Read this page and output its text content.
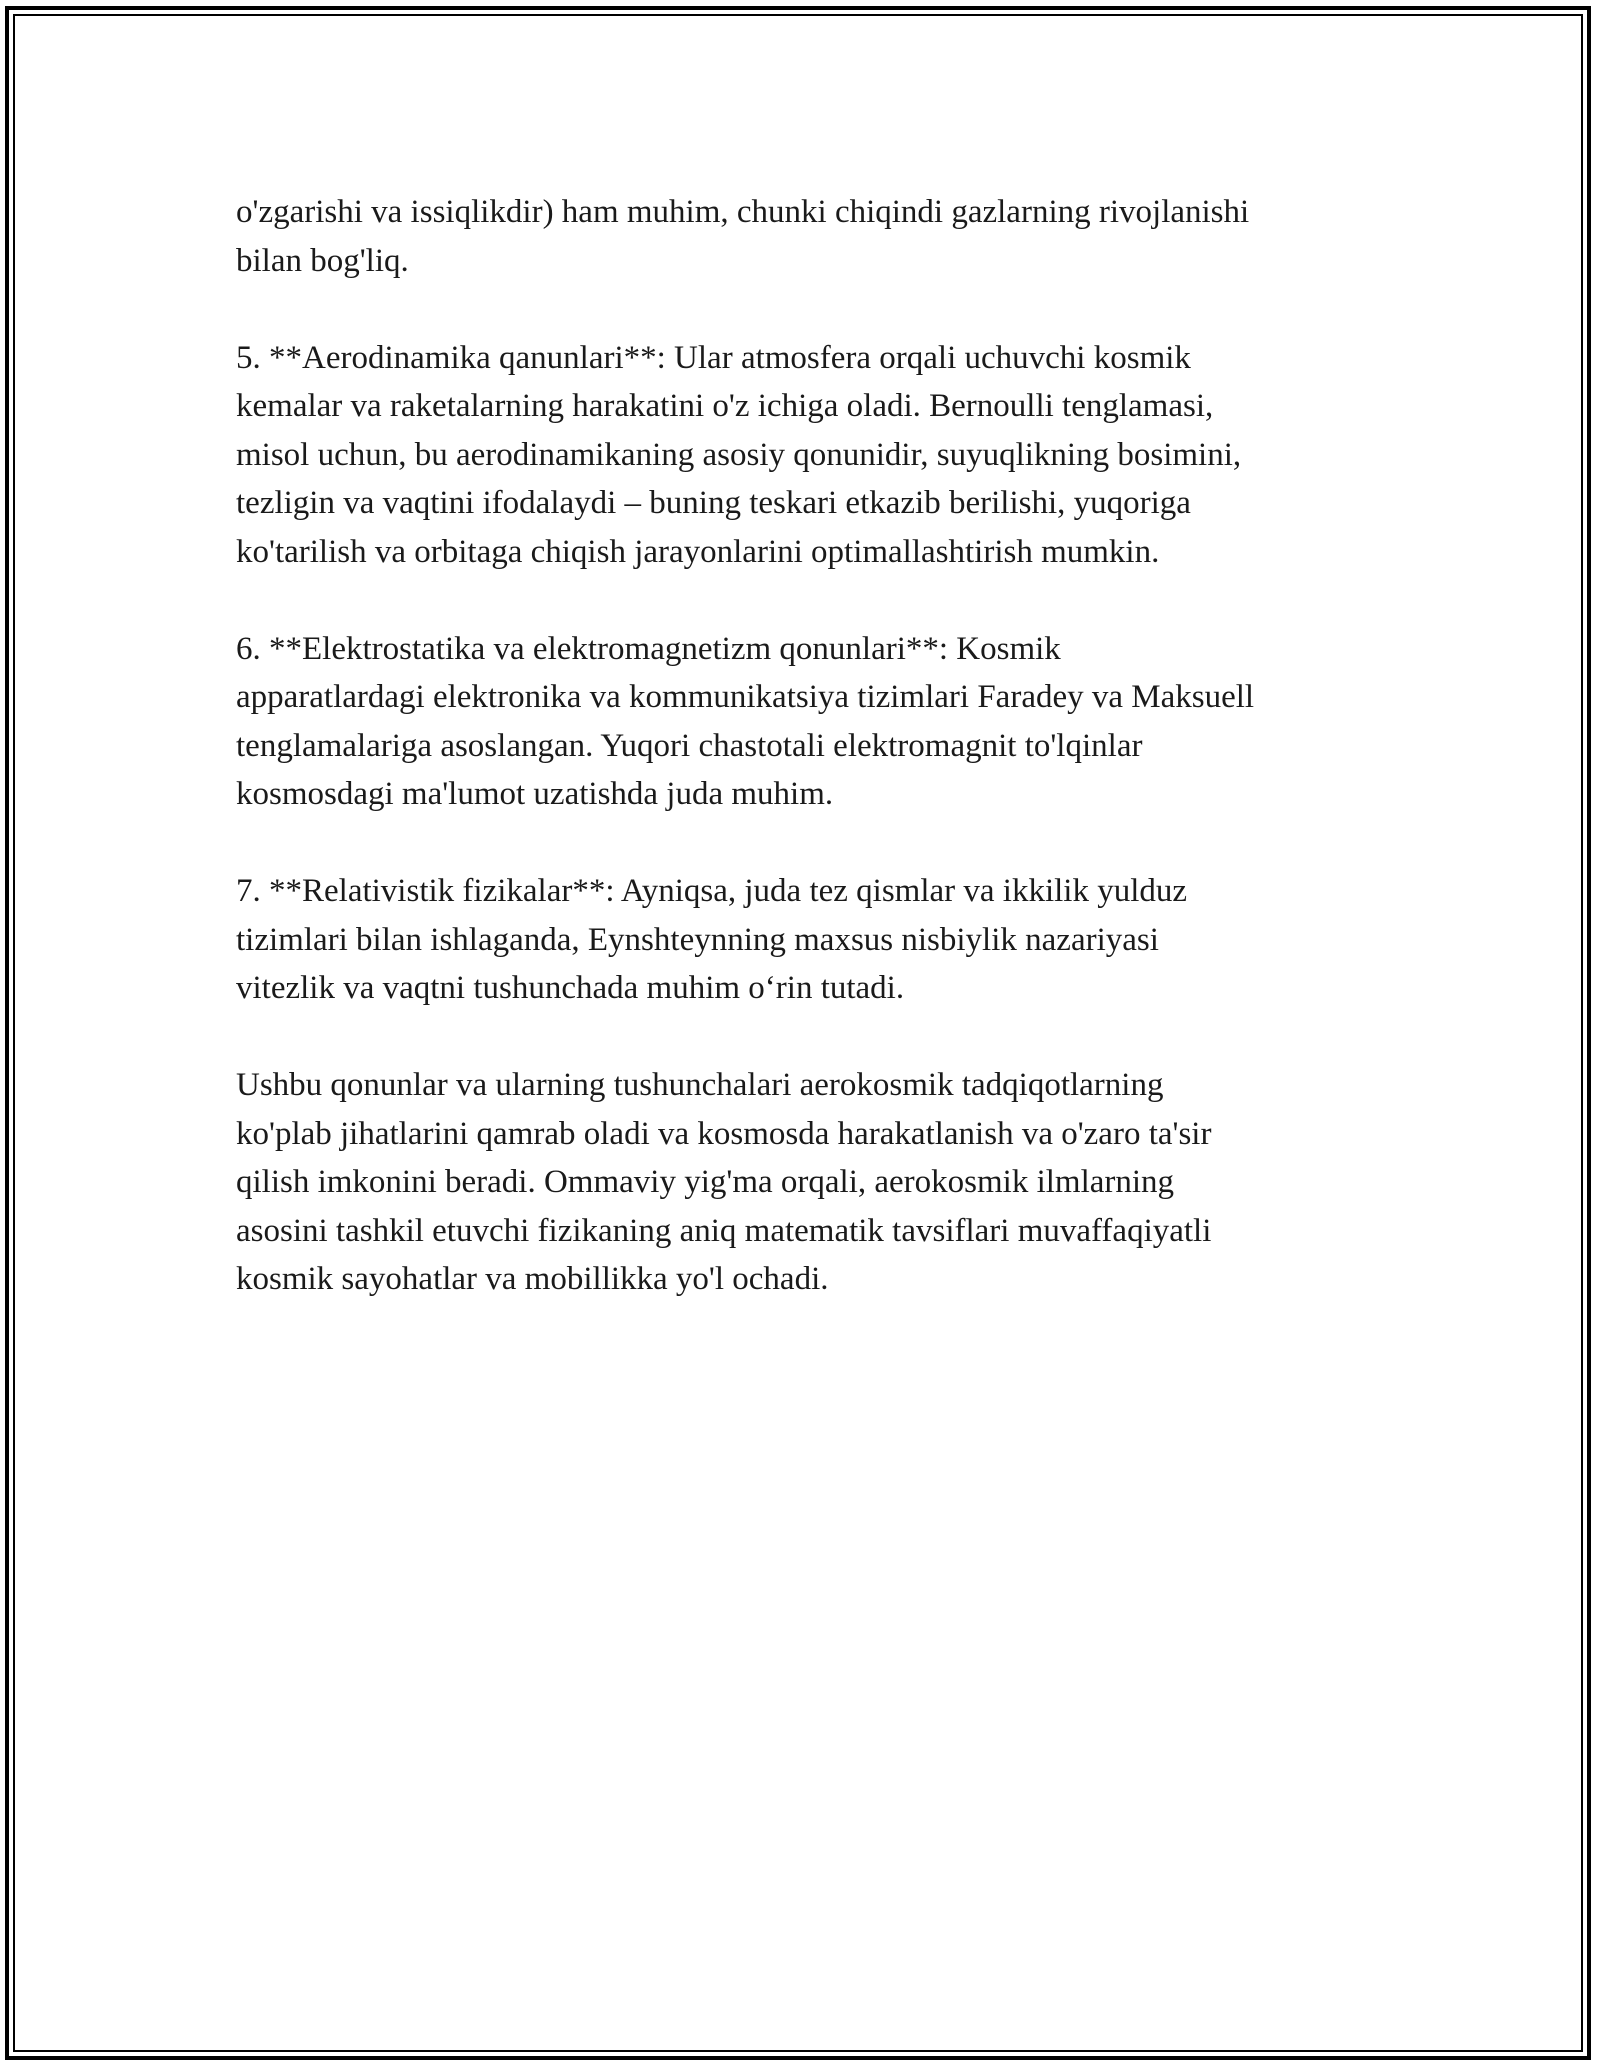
o'zgarishi va issiqlikdir) ham muhim, chunki chiqindi gazlarning rivojlanishi
bilan bog'liq.
5. **Aerodinamika qanunlari**: Ular atmosfera orqali uchuvchi kosmik
kemalar va raketalarning harakatini o'z ichiga oladi. Bernoulli tenglamasi,
misol uchun, bu aerodinamikaning asosiy qonunidir, suyuqlikning bosimini,
tezligin va vaqtini ifodalaydi – buning teskari etkazib berilishi, yuqoriga
ko'tarilish va orbitaga chiqish jarayonlarini optimallashtirish mumkin.
6. **Elektrostatika va elektromagnetizm qonunlari**: Kosmik
apparatlardagi elektronika va kommunikatsiya tizimlari Faradey va Maksuell
tenglamalariga asoslangan. Yuqori chastotali elektromagnit to'lqinlar
kosmosdagi ma'lumot uzatishda juda muhim.
7. **Relativistik fizikalar**: Ayniqsa, juda tez qismlar va ikkilik yulduz
tizimlari bilan ishlaganda, Eynshteynning maxsus nisbiylik nazariyasi
vitezlik va vaqtni tushunchada muhim o‘rin tutadi.
Ushbu qonunlar va ularning tushunchalari aerokosmik tadqiqotlarning
ko'plab jihatlarini qamrab oladi va kosmosda harakatlanish va o'zaro ta'sir
qilish imkonini beradi. Ommaviy yig'ma orqali, aerokosmik ilmlarning
asosini tashkil etuvchi fizikaning aniq matematik tavsiflari muvaffaqiyatli
kosmik sayohatlar va mobillikka yo'l ochadi.
